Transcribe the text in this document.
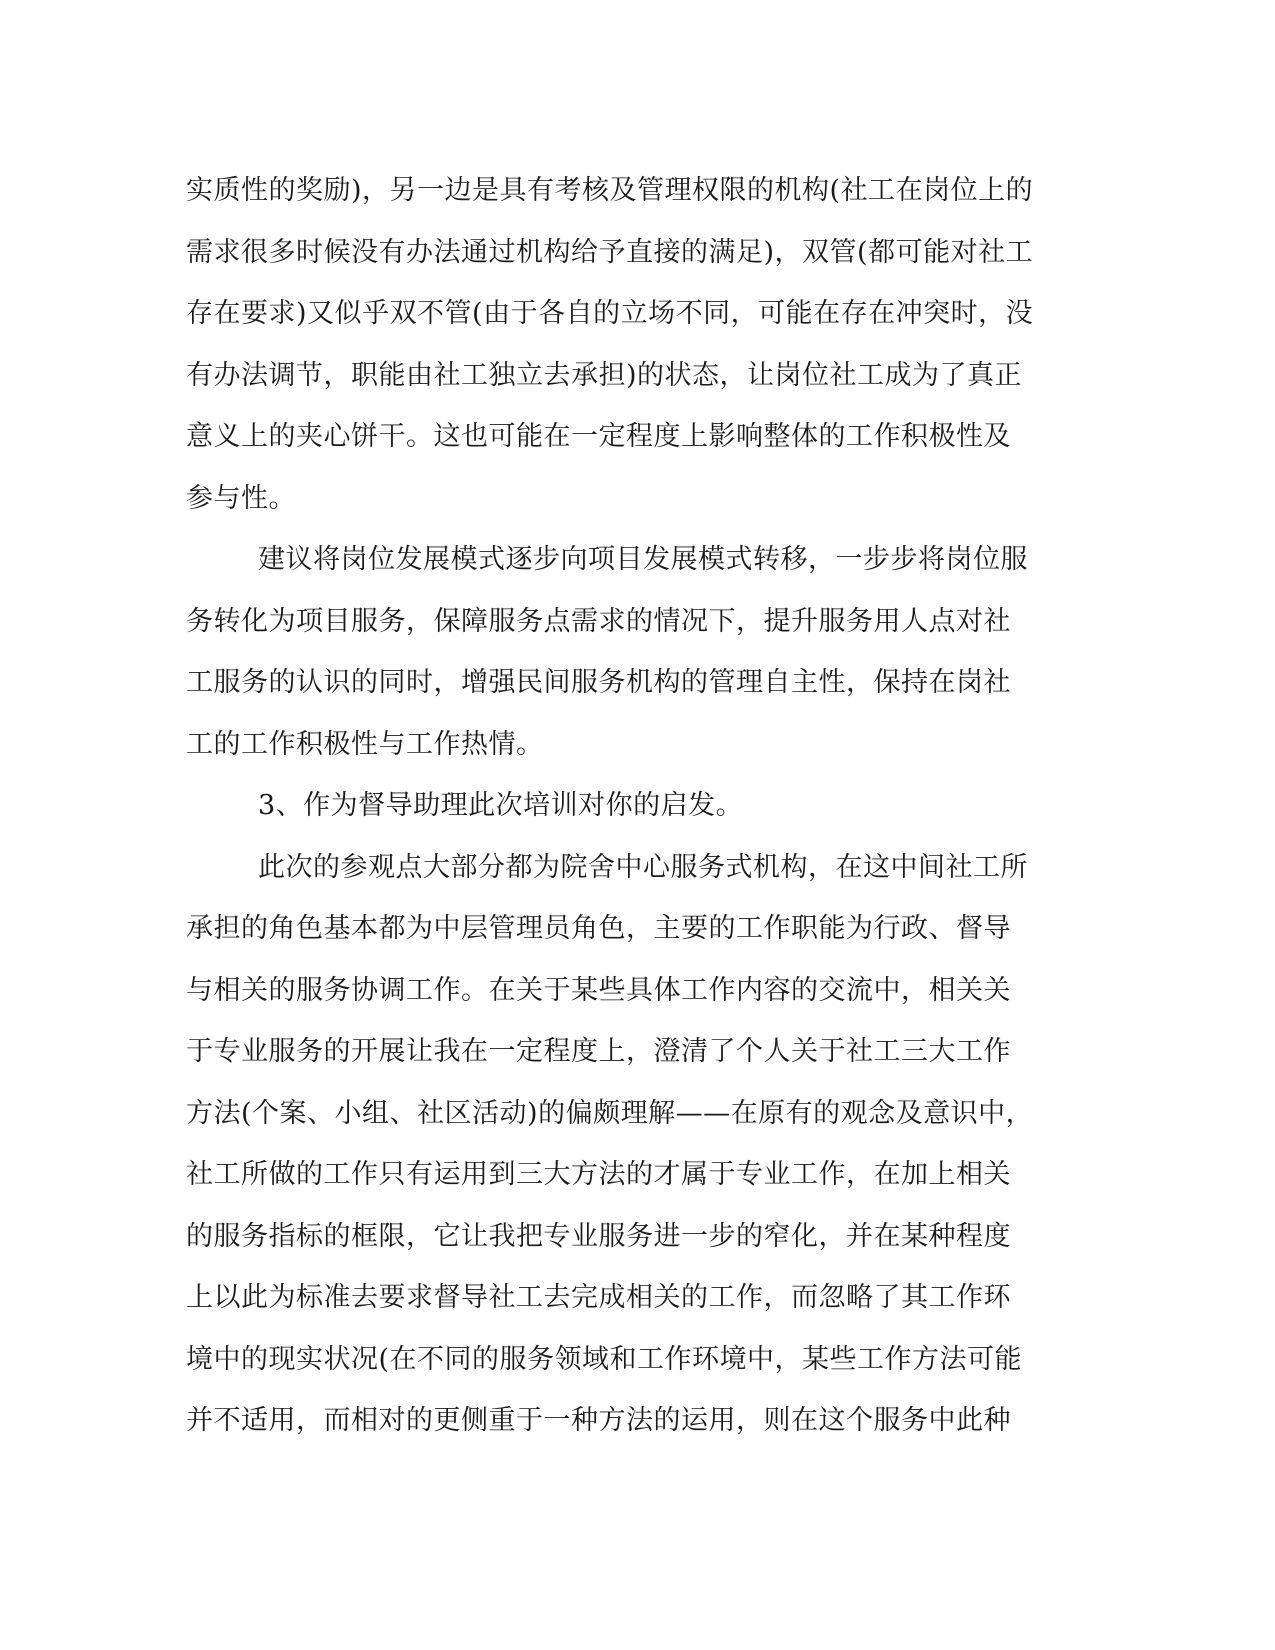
实质性的奖励)，另一边是具有考核及管理权限的机构(社工在岗位上的
需求很多时候没有办法通过机构给予直接的满足)，双管(都可能对社工
存在要求)又似乎双不管(由于各自的立场不同，可能在存在冲突时，没
有办法调节，职能由社工独立去承担)的状态，让岗位社工成为了真正
意义上的夹心饼干。这也可能在一定程度上影响整体的工作积极性及
参与性。
建议将岗位发展模式逐步向项目发展模式转移，一步步将岗位服
务转化为项目服务，保障服务点需求的情况下，提升服务用人点对社
工服务的认识的同时，增强民间服务机构的管理自主性，保持在岗社
工的工作积极性与工作热情。
3、作为督导助理此次培训对你的启发。
此次的参观点大部分都为院舍中心服务式机构，在这中间社工所
承担的角色基本都为中层管理员角色，主要的工作职能为行政、督导
与相关的服务协调工作。在关于某些具体工作内容的交流中，相关关
于专业服务的开展让我在一定程度上，澄清了个人关于社工三大工作
方法(个案、小组、社区活动)的偏颇理解——在原有的观念及意识中，
社工所做的工作只有运用到三大方法的才属于专业工作，在加上相关
的服务指标的框限，它让我把专业服务进一步的窄化，并在某种程度
上以此为标准去要求督导社工去完成相关的工作，而忽略了其工作环
境中的现实状况(在不同的服务领域和工作环境中，某些工作方法可能
并不适用，而相对的更侧重于一种方法的运用，则在这个服务中此种
